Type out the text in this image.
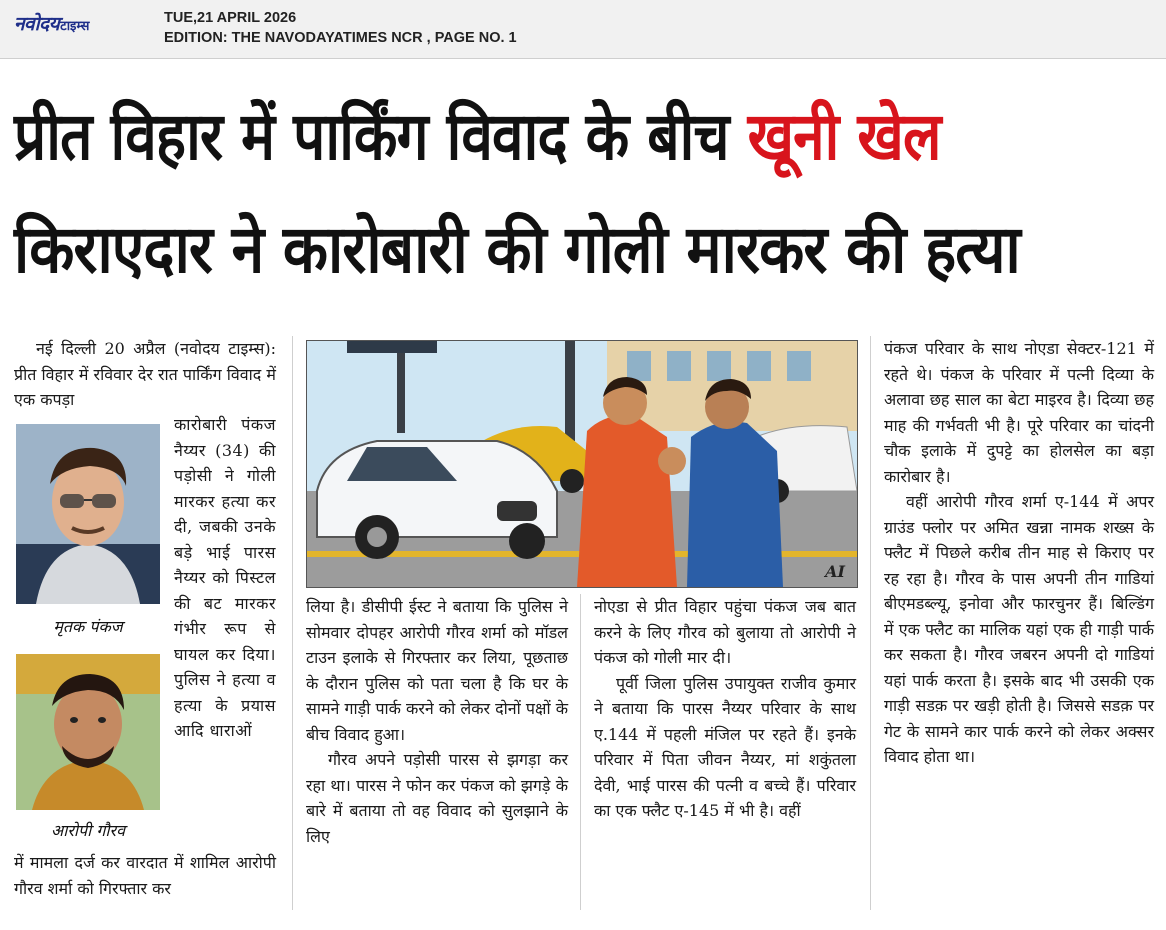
नवोदय टाइम्स
TUE,21 APRIL 2026
EDITION: THE NAVODAYATIMES NCR , PAGE NO. 1
प्रीत विहार में पार्किंग विवाद के बीच खूनी खेल
किराएदार ने कारोबारी की गोली मारकर की हत्या

नई दिल्ली 20 अप्रैल (नवोदय टाइम्स): प्रीत विहार में रविवार देर रात पार्किंग विवाद में एक कपड़ा

मृतक पंकज

कारोबारी पंकज नैय्यर (34) की पड़ोसी ने गोली मारकर हत्या कर दी, जबकी उनके बड़े भाई पारस नैय्यर को पिस्टल की बट मारकर गंभीर रूप से घायल कर दिया। पुलिस ने हत्या व हत्या के प्रयास आदि धाराओं

आरोपी गौरव

में मामला दर्ज कर वारदात में शामिल आरोपी गौरव शर्मा को गिरफ्तार कर

AI

लिया है। डीसीपी ईस्ट ने बताया कि पुलिस ने सोमवार दोपहर आरोपी गौरव शर्मा को मॉडल टाउन इलाके से गिरफ्तार कर लिया, पूछताछ के दौरान पुलिस को पता चला है कि घर के सामने गाड़ी पार्क करने को लेकर दोनों पक्षों के बीच विवाद हुआ।

गौरव अपने पड़ोसी पारस से झगड़ा कर रहा था। पारस ने फोन कर पंकज को झगड़े के बारे में बताया तो वह विवाद को सुलझाने के लिए

नोएडा से प्रीत विहार पहुंचा पंकज जब बात करने के लिए गौरव को बुलाया तो आरोपी ने पंकज को गोली मार दी।

पूर्वी जिला पुलिस उपायुक्त राजीव कुमार ने बताया कि पारस नैय्यर परिवार के साथ ए.144 में पहली मंजिल पर रहते हैं। इनके परिवार में पिता जीवन नैय्यर, मां शकुंतला देवी, भाई पारस की पत्नी व बच्चे हैं। परिवार का एक फ्लैट ए-145 में भी है। वहीं

पंकज परिवार के साथ नोएडा सेक्टर-121 में रहते थे। पंकज के परिवार में पत्नी दिव्या के अलावा छह साल का बेटा माइरव है। दिव्या छह माह की गर्भवती भी है। पूरे परिवार का चांदनी चौक इलाके में दुपट्टे का होलसेल का बड़ा कारोबार है।

वहीं आरोपी गौरव शर्मा ए-144 में अपर ग्राउंड फ्लोर पर अमित खन्ना नामक शख्स के फ्लैट में पिछले करीब तीन माह से किराए पर रह रहा है। गौरव के पास अपनी तीन गाडियां बीएमडब्ल्यू, इनोवा और फारचुनर हैं। बिल्डिंग में एक फ्लैट का मालिक यहां एक ही गाड़ी पार्क कर सकता है। गौरव जबरन अपनी दो गाडियां यहां पार्क करता है। इसके बाद भी उसकी एक गाड़ी सडक़ पर खड़ी होती है। जिससे सडक़ पर गेट के सामने कार पार्क करने को लेकर अक्सर विवाद होता था।
